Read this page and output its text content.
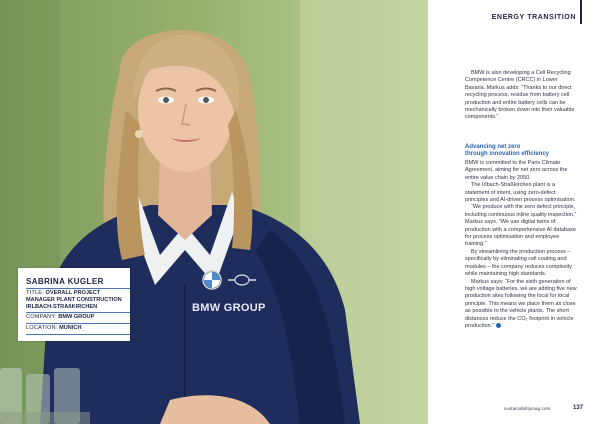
BMW GROUP
SABRINA KUGLER
TITLE: OVERALL PROJECT
MANAGER PLANT CONSTRUCTION
IRLBACH-STRAßKIRCHEN
COMPANY: BMW GROUP
LOCATION: MUNICH
ENERGY TRANSITION

BMW is also developing a Cell Recycling Competence Centre (CRCC) in Lower Bavaria. Markus adds: “Thanks to our direct recycling process, residue from battery cell production and entire battery cells can be mechanically broken down into their valuable components.”

Advancing net zero
through innovation efficiency

BMW is committed to the Paris Climate Agreement, aiming for net zero across the entire value chain by 2050.

The Irlbach-Straßkirchen plant is a statement of intent, using zero-defect principles and AI-driven process optimisation.

“We produce with the zero defect principle, including continuous inline quality inspection,” Markus says. “We use digital twins of production with a comprehensive AI database for process optimisation and employee training.”

By streamlining the production process – specifically by eliminating cell coating and modules – the company reduces complexity while maintaining high standards.

Markus says: “For the sixth generation of high voltage batteries, we are adding five new production sites following the local for local principle. This means we place them as close as possible to the vehicle plants. The short distances reduce the CO₂ footprint in vehicle production.”

sustainabilitymag.com	137
